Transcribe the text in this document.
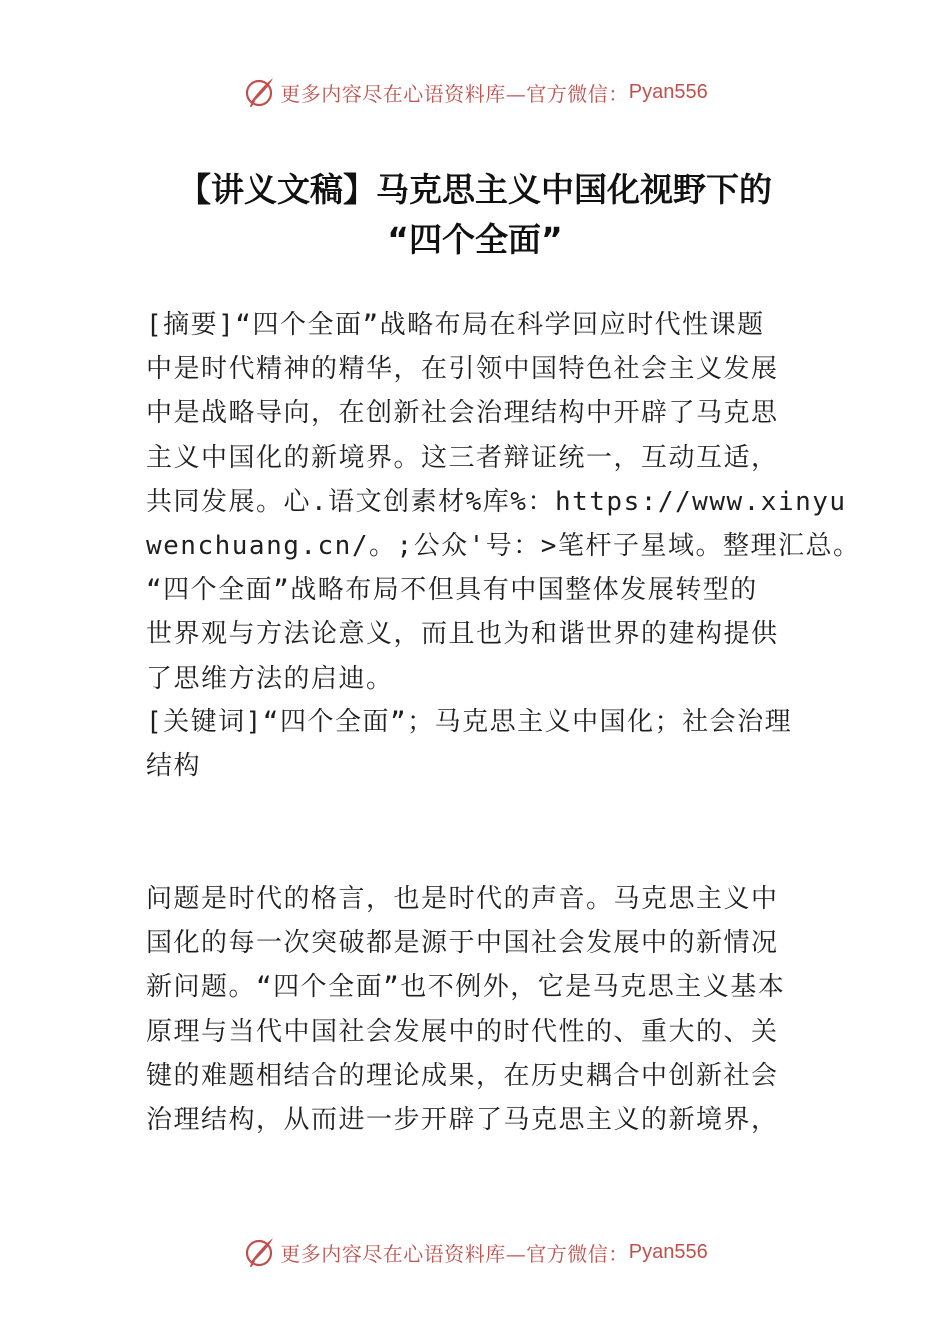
更多内容尽在心语资料库—官方微信： Pyan556
【讲义文稿】马克思主义中国化视野下的
“四个全面”
[摘要]“四个全面”战略布局在科学回应时代性课题
中是时代精神的精华，在引领中国特色社会主义发展
中是战略导向，在创新社会治理结构中开辟了马克思
主义中国化的新境界。这三者辩证统一，互动互适，
共同发展。心.语文创素材%库%：https://www.xinyu
wenchuang.cn/。;公众'号：>笔杆子星域。整理汇总。
“四个全面”战略布局不但具有中国整体发展转型的
世界观与方法论意义，而且也为和谐世界的建构提供
了思维方法的启迪。
[关键词]“四个全面”；马克思主义中国化；社会治理
结构
问题是时代的格言，也是时代的声音。马克思主义中
国化的每一次突破都是源于中国社会发展中的新情况
新问题。“四个全面”也不例外，它是马克思主义基本
原理与当代中国社会发展中的时代性的、重大的、关
键的难题相结合的理论成果，在历史耦合中创新社会
治理结构，从而进一步开辟了马克思主义的新境界，
更多内容尽在心语资料库—官方微信： Pyan556
